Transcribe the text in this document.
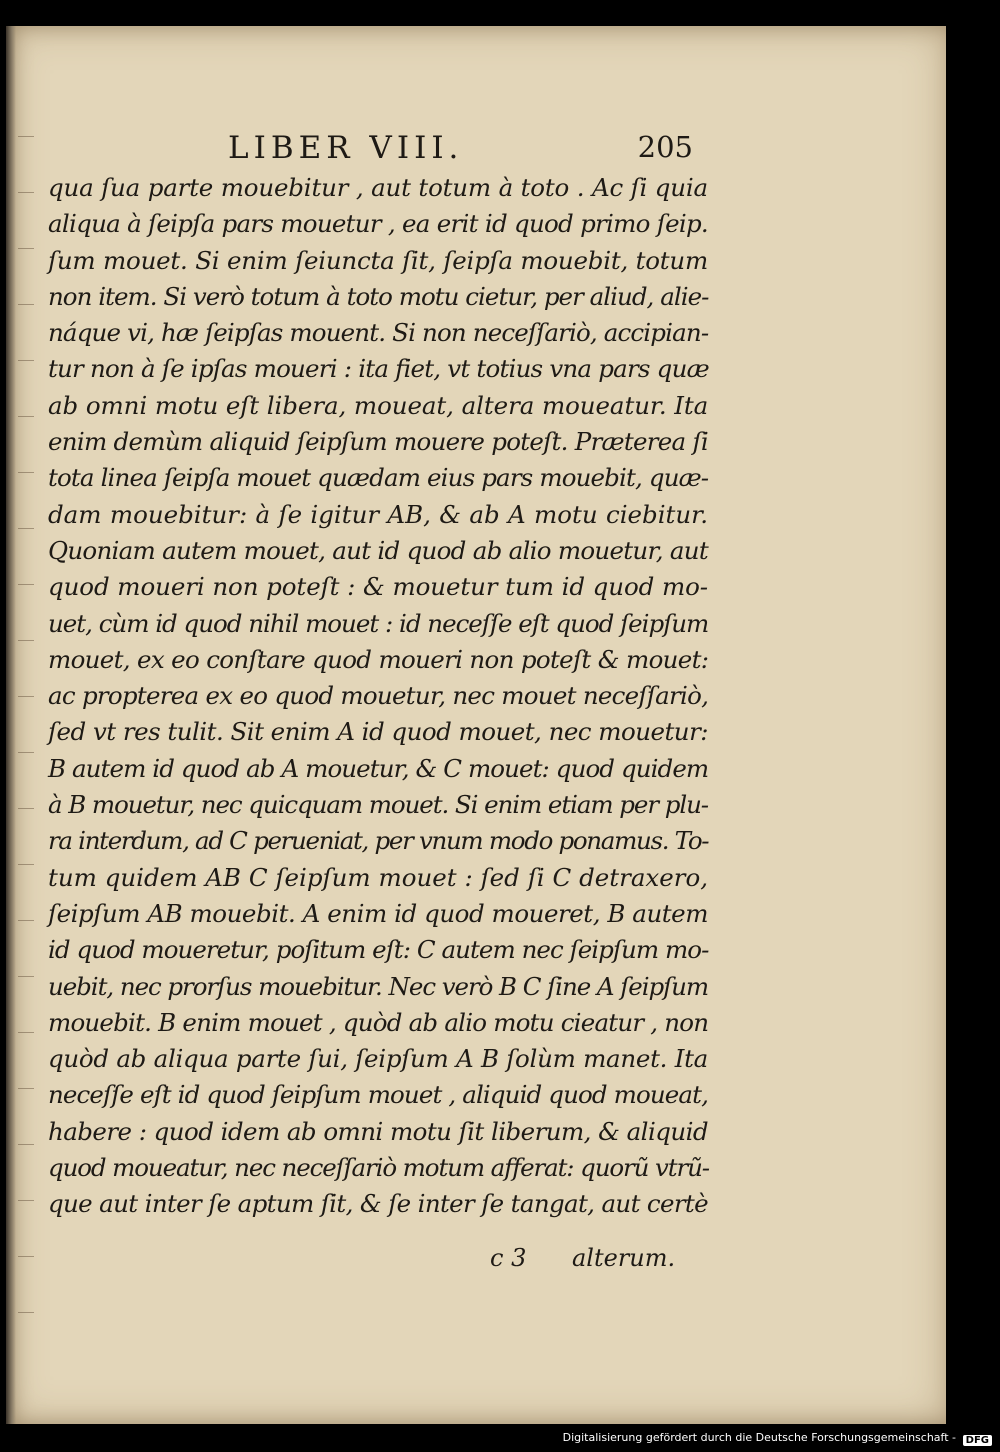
LIBER VIII.	205
qua ſua parte mouebitur , aut totum à toto . Ac ſi quia
aliqua à ſeipſa pars mouetur , ea erit id quod primo ſeip.
ſum mouet. Si enim ſeiuncta ſit, ſeipſa mouebit, totum
non item. Si verò totum à toto motu cietur, per aliud, alie-
náque vi, hæ ſeipſas mouent. Si non neceſſariò, accipian-
tur non à ſe ipſas moueri : ita fiet, vt totius vna pars quæ
ab omni motu eſt libera, moueat, altera moueatur. Ita
enim demùm aliquid ſeipſum mouere poteſt. Præterea ſi
tota linea ſeipſa mouet quædam eius pars mouebit, quæ-
dam mouebitur: à ſe igitur AB, & ab A motu ciebitur.
Quoniam autem mouet, aut id quod ab alio mouetur, aut
quod moueri non poteſt : & mouetur tum id quod mo-
uet, cùm id quod nihil mouet : id neceſſe eſt quod ſeipſum
mouet, ex eo conſtare quod moueri non poteſt & mouet:
ac propterea ex eo quod mouetur, nec mouet neceſſariò,
ſed vt res tulit. Sit enim A id quod mouet, nec mouetur:
B autem id quod ab A mouetur, & C mouet: quod quidem
à B mouetur, nec quicquam mouet. Si enim etiam per plu-
ra interdum, ad C perueniat, per vnum modo ponamus. To-
tum quidem AB C ſeipſum mouet : ſed ſi C detraxero,
ſeipſum AB mouebit. A enim id quod moueret, B autem
id quod moueretur, poſitum eſt: C autem nec ſeipſum mo-
uebit, nec prorſus mouebitur. Nec verò B C ſine A ſeipſum
mouebit. B enim mouet , quòd ab alio motu cieatur , non
quòd ab aliqua parte ſui, ſeipſum A B ſolùm manet. Ita
neceſſe eſt id quod ſeipſum mouet , aliquid quod moueat,
habere : quod idem ab omni motu ſit liberum, & aliquid
quod moueatur, nec neceſſariò motum afferat: quorũ vtrũ-
que aut inter ſe aptum ſit, & ſe inter ſe tangat, aut certè
c 3 alterum.
Digitalisierung gefördert durch die Deutsche Forschungsgemeinschaft - DFG
